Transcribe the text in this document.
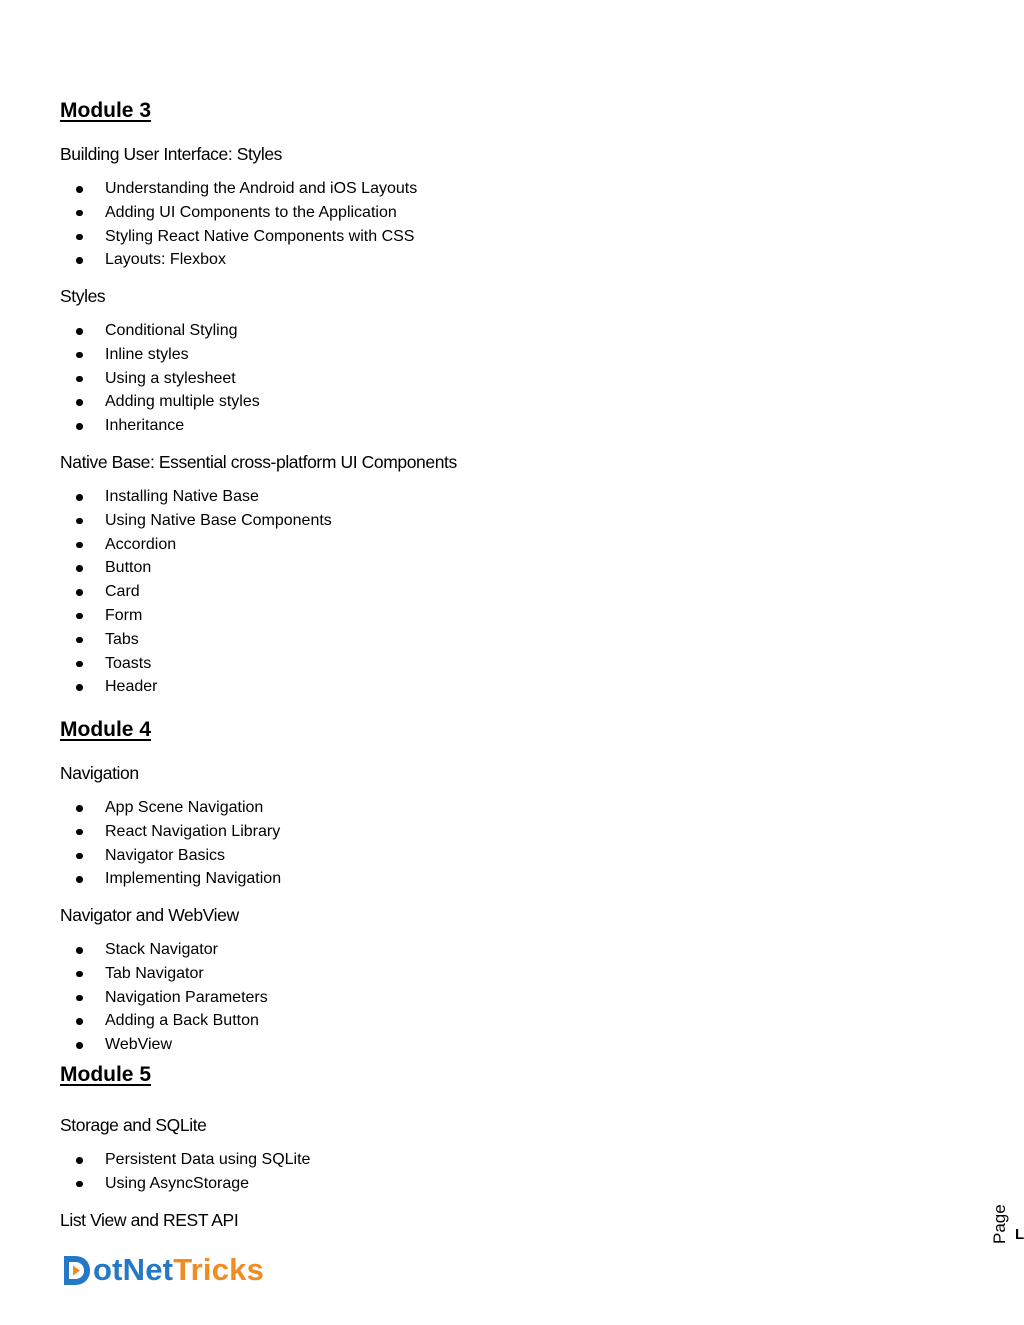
Module 3
Building User Interface: Styles
Understanding the Android and iOS Layouts
Adding UI Components to the Application
Styling React Native Components with CSS
Layouts: Flexbox
Styles
Conditional Styling
Inline styles
Using a stylesheet
Adding multiple styles
Inheritance
Native Base: Essential cross-platform UI Components
Installing Native Base
Using Native Base Components
Accordion
Button
Card
Form
Tabs
Toasts
Header
Module 4
Navigation
App Scene Navigation
React Navigation Library
Navigator Basics
Implementing Navigation
Navigator and WebView
Stack Navigator
Tab Navigator
Navigation Parameters
Adding a Back Button
WebView
Module 5
Storage and SQLite
Persistent Data using SQLite
Using AsyncStorage
List View and REST API
otNet Tricks
Page L
